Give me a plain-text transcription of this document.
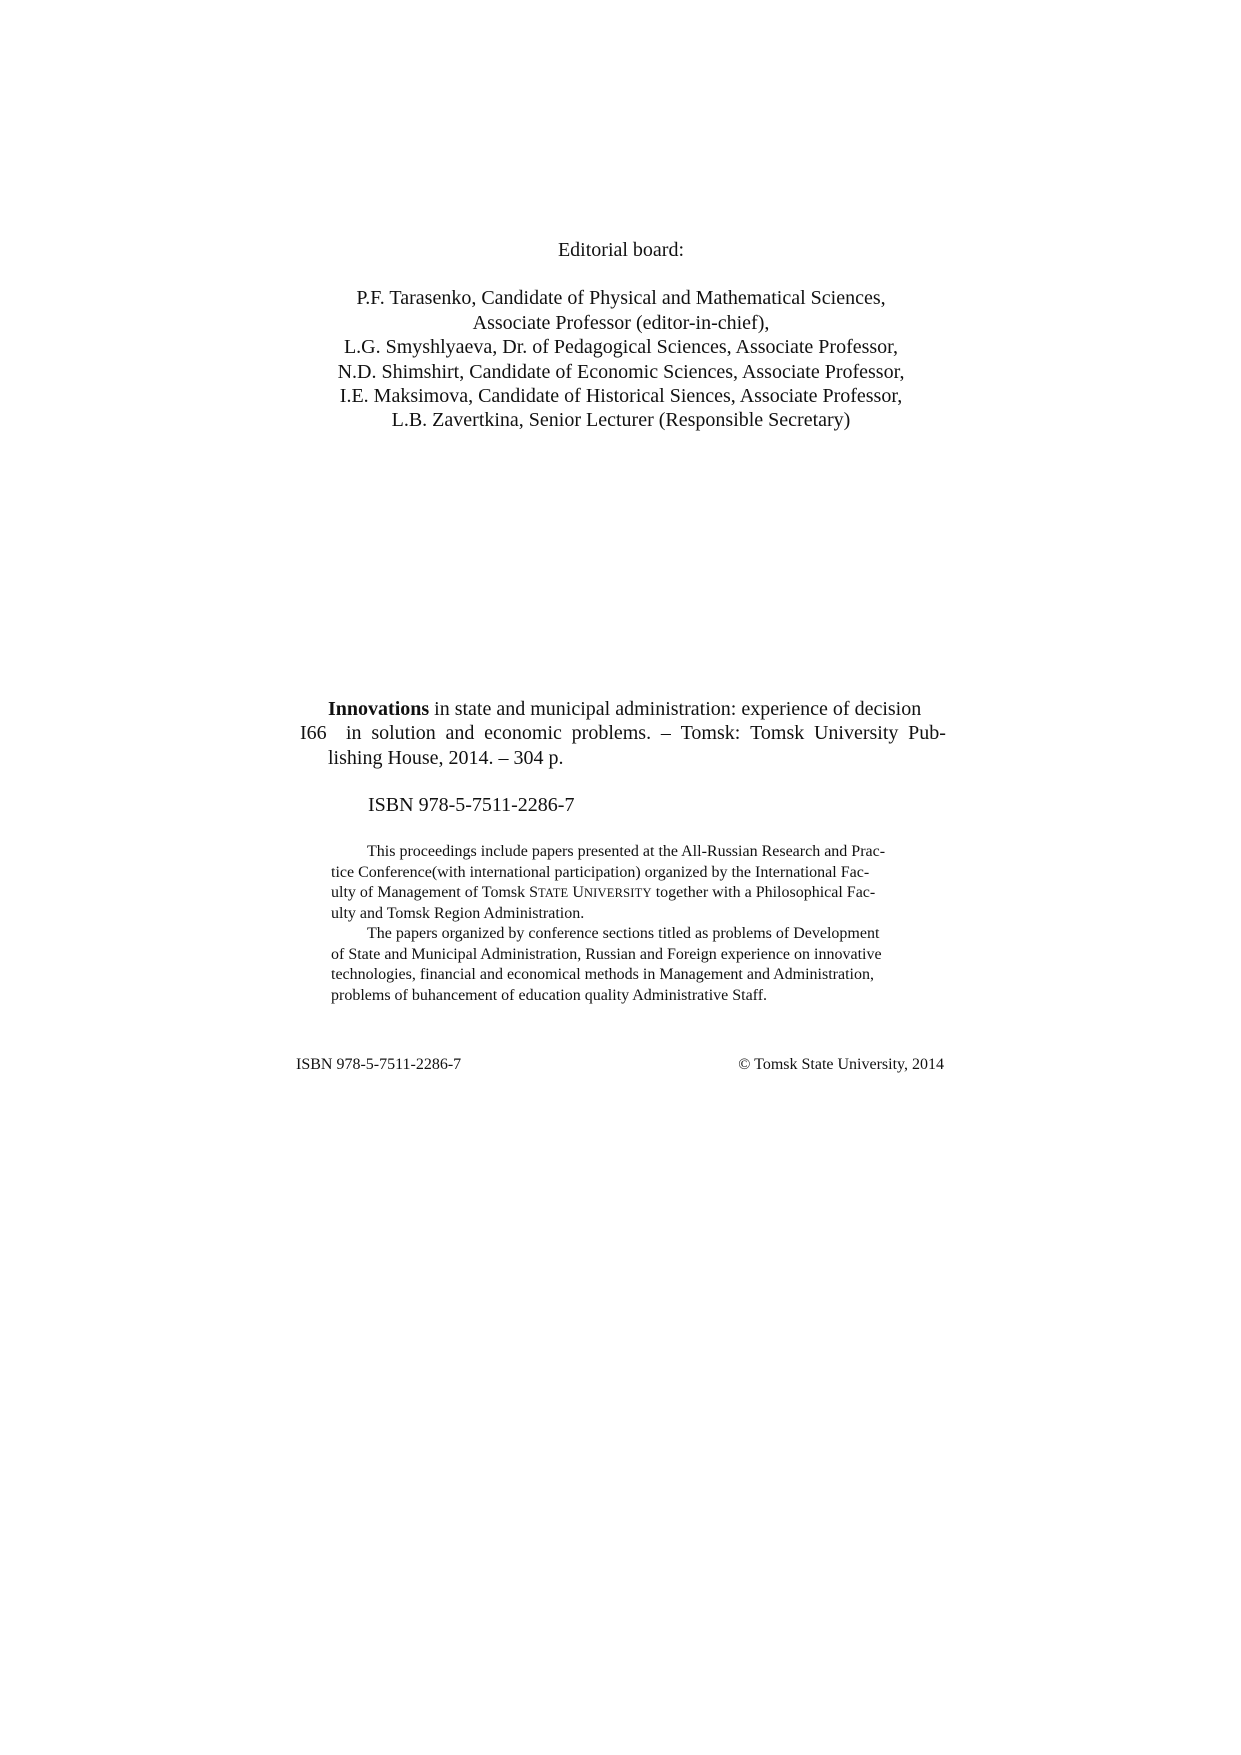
Editorial board:
P.F. Tarasenko, Candidate of Physical and Mathematical Sciences,
Associate Professor (editor-in-chief),
L.G. Smyshlyaeva, Dr. of Pedagogical Sciences, Associate Professor,
N.D. Shimshirt, Candidate of Economic Sciences, Associate Professor,
I.E. Maksimova, Candidate of Historical Siences, Associate Professor,
L.B. Zavertkina, Senior Lecturer (Responsible Secretary)
Innovations in state and municipal administration: experience of decision
I66 in solution and economic problems. – Tomsk: Tomsk University Pub-
lishing House, 2014. – 304 p.
ISBN 978-5-7511-2286-7
This proceedings include papers presented at the All-Russian Research and Prac-
tice Conference(with international participation) organized by the International Fac-
ulty of Management of Tomsk STATE UNIVERSITY together with a Philosophical Fac-
ulty and Tomsk Region Administration.
The papers organized by conference sections titled as problems of Development
of State and Municipal Administration, Russian and Foreign experience on innovative
technologies, financial and economical methods in Management and Administration,
problems of buhancement of education quality Administrative Staff.
ISBN 978-5-7511-2286-7	© Tomsk State University, 2014
